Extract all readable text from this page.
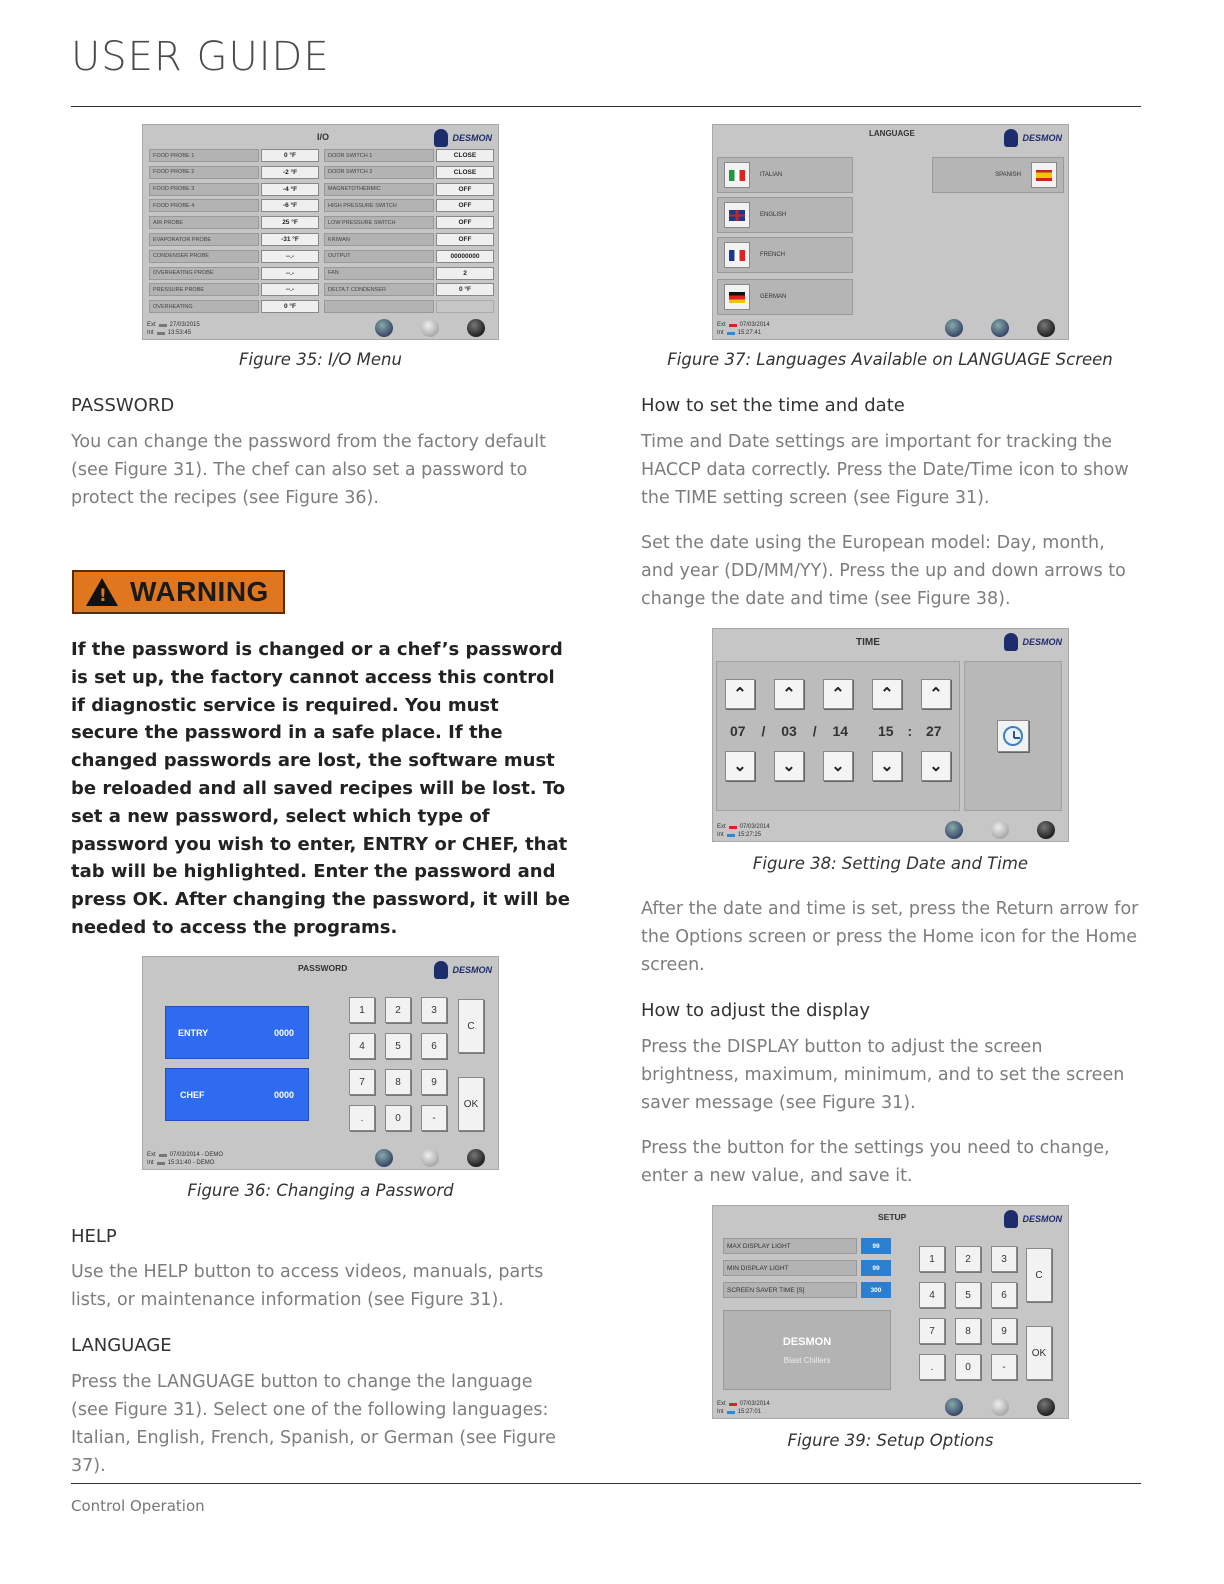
USER GUIDE
I/O	DESMON
FOOD PROBE 1	0 °F	DOOR SWITCH 1	CLOSE
FOOD PROBE 2	-2 °F	DOOR SWITCH 2	CLOSE
FOOD PROBE 3	-4 °F	MAGNETOTHERMIC	OFF
FOOD PROBE 4	-6 °F	HIGH PRESSURE SWITCH	OFF
AIR PROBE	25 °F	LOW PRESSURE SWITCH	OFF
EVAPORATOR PROBE	-31 °F	KRIWAN	OFF
CONDENSER PROBE	--.-	OUTPUT	00000000
OVERHEATING PROBE	--.-	FAN	2
PRESSURE PROBE	--.-	DELTA T CONDENSER	0 °F
OVERHEATING	0 °F
Ext 27/03/2015
Int 13:53:45
Figure 35: I/O Menu
LANGUAGE	DESMON
ITALIAN
ENGLISH
FRENCH
GERMAN
SPANISH
Ext 07/03/2014
Int 15:27:41
Figure 37: Languages Available on LANGUAGE Screen
PASSWORD
You can change the password from the factory default (see Figure 31). The chef can also set a password to protect the recipes (see Figure 36).
!
WARNING
If the password is changed or a chef’s password is set up, the factory cannot access this control if diagnostic service is required. You must secure the password in a safe place. If the changed passwords are lost, the software must be reloaded and all saved recipes will be lost. To set a new password, select which type of password you wish to enter, ENTRY or CHEF, that tab will be highlighted. Enter the password and press OK. After changing the password, it will be needed to access the programs.
PASSWORD	DESMON
ENTRY	0000
CHEF	0000
1	2	3
4	5	6
7	8	9
.	0	-
C
OK
Ext 07/03/2014 - DEMO
Int 15:31:40 - DEMO
Figure 36: Changing a Password
HELP
Use the HELP button to access videos, manuals, parts lists, or maintenance information (see Figure 31).
LANGUAGE
Press the LANGUAGE button to change the language (see Figure 31). Select one of the following languages: Italian, English, French, Spanish, or German (see Figure 37).
How to set the time and date
Time and Date settings are important for tracking the HACCP data correctly. Press the Date/Time icon to show the TIME setting screen (see Figure 31).
Set the date using the European model: Day, month, and year (DD/MM/YY). Press the up and down arrows to change the date and time (see Figure 38).
TIME	DESMON
⌃
⌄
⌃
⌄
⌃
⌄
⌃
⌄
⌃
⌄
07 / 03 / 14 15 : 27
Ext 07/03/2014
Int 15:27:25
Figure 38: Setting Date and Time
After the date and time is set, press the Return arrow for the Options screen or press the Home icon for the Home screen.
How to adjust the display
Press the DISPLAY button to adjust the screen brightness, maximum, minimum, and to set the screen saver message (see Figure 31).
Press the button for the settings you need to change, enter a new value, and save it.
SETUP	DESMON
MAX DISPLAY LIGHT	99
MIN DISPLAY LIGHT	99
SCREEN SAVER TIME [S]	300
DESMON
Blast Chillers
1	2	3
4	5	6
7	8	9
.	0	-
C
OK
Ext 07/03/2014
Int 15:27:01
Figure 39: Setup Options
Control Operation
